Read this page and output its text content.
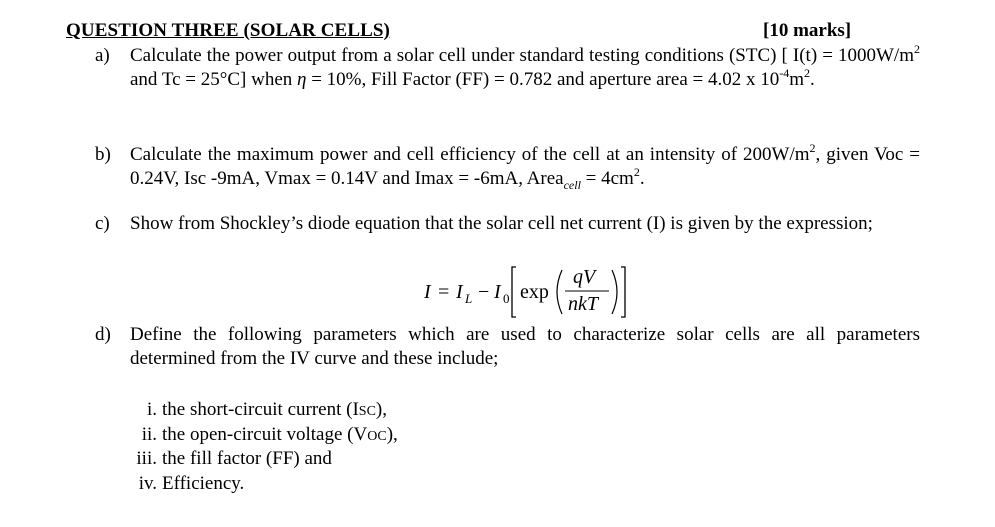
QUESTION THREE (SOLAR CELLS)	[10 marks]
a) Calculate the power output from a solar cell under standard testing conditions (STC) [ $I(t) = 1000W/m^2$ and Tc = 25°C] when η = 10%, Fill Factor (FF) = 0.782 and aperture area = 4.02 x $10^{-4}m^2$.
b) Calculate the maximum power and cell efficiency of the cell at an intensity of $200W/m^2$, given Voc = 0.24V, Isc -9mA, Vmax = 0.14V and Imax = -6mA, Area$_{cell}$ = $4cm^2$.
c) Show from Shockley’s diode equation that the solar cell net current (I) is given by the expression;
I = I L − I 0 exp
qV
nkT
d) Define the following parameters which are used to characterize solar cells are all parameters determined from the IV curve and these include;
i. the short-circuit current (ISC),
ii. the open-circuit voltage (VOC),
iii. the fill factor (FF) and
iv. Efficiency.
